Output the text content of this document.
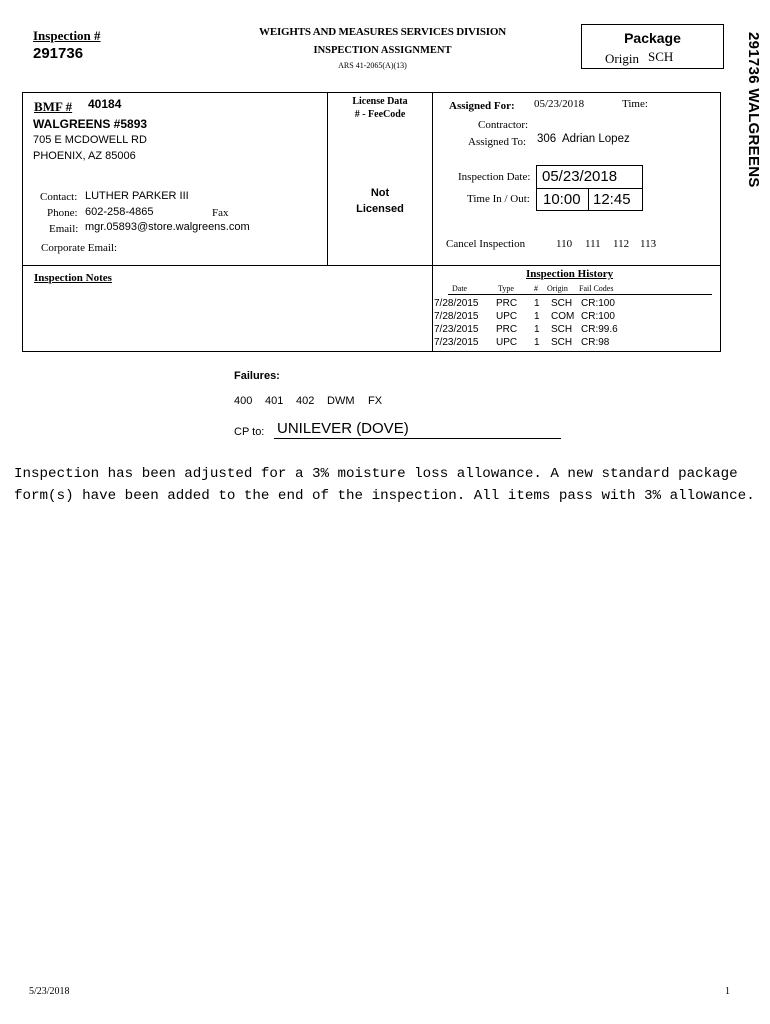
Inspection #
291736
WEIGHTS AND MEASURES SERVICES DIVISION
INSPECTION ASSIGNMENT
ARS 41-2065(A)(13)
Package
Origin SCH	291736 WALGREENS
BMF # 40184
WALGREENS #5893
705 E MCDOWELL RD
PHOENIX, AZ 85006
Contact: LUTHER PARKER III
Phone: 602-258-4865	Fax
Email: mgr.05893@store.walgreens.com
Corporate Email:
License Data
# - FeeCode
Not
Licensed
Assigned For: 05/23/2018	Time:
Contractor:
Assigned To: 306  Adrian Lopez
Inspection Date: 05/23/2018
Time In / Out: 10:00 12:45
Cancel Inspection	110 111 112 113
Inspection Notes	Inspection History
Date	Type	# Origin Fail Codes
7/28/2015 PRC 1 SCH CR:100
7/28/2015 UPC 1 COM CR:100
7/23/2015 PRC 1 SCH CR:99.6
7/23/2015 UPC 1 SCH CR:98
Failures:
400 401 402 DWM FX
CP to: UNILEVER (DOVE)
Inspection has been adjusted for a 3% moisture loss allowance. A new standard package form(s) have been added to the end of the inspection. All items pass with 3% allowance.
5/23/2018	1
